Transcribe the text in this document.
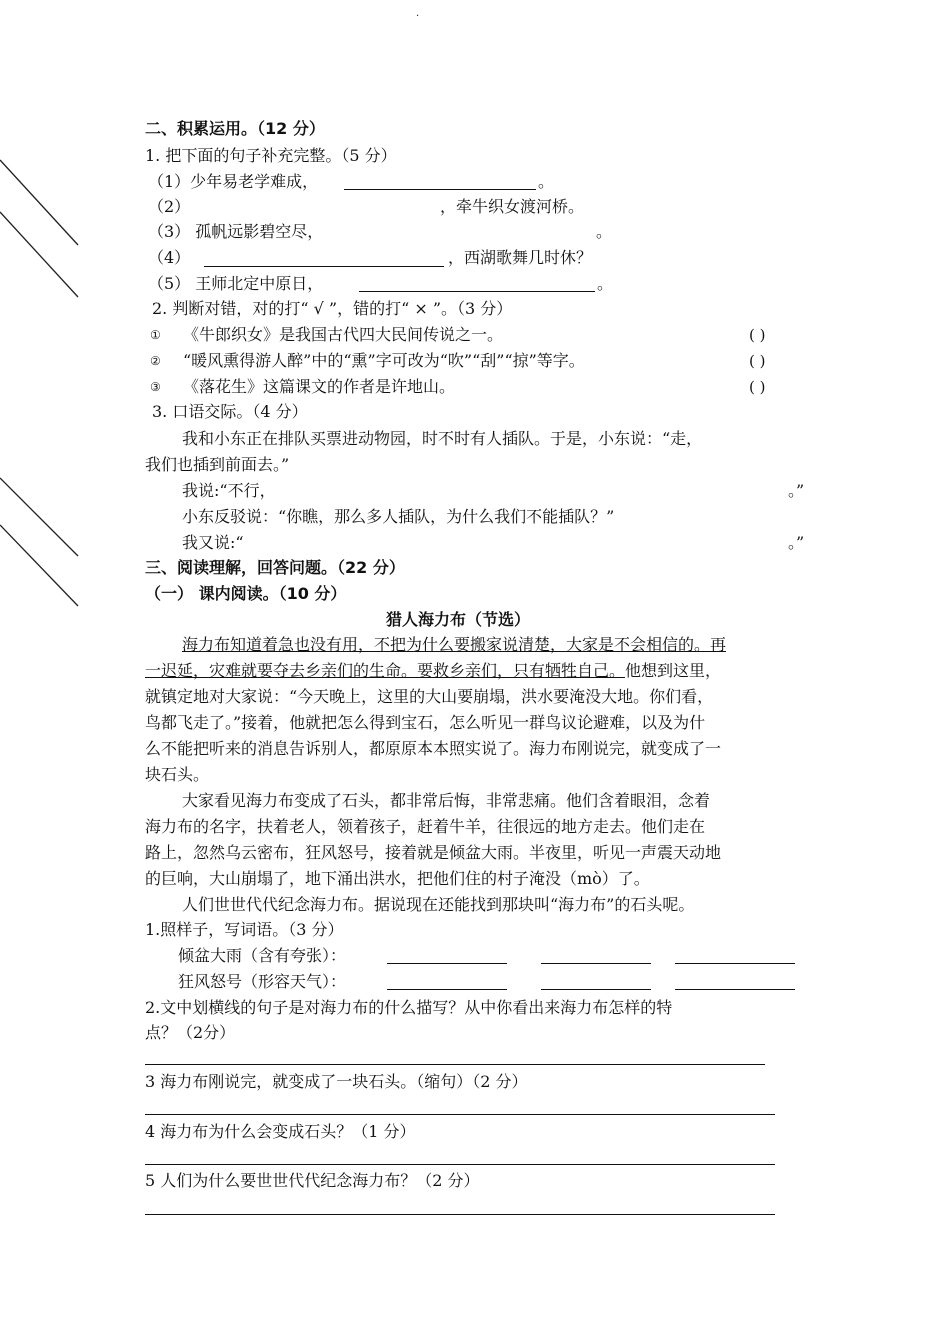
.
二、积累运用。（12 分）
1. 把下面的句子补充完整。（5 分）
（1）少年易老学难成，	。
（2）	，牵牛织女渡河桥。
（3） 孤帆远影碧空尽，	。
（4）	，西湖歌舞几时休？
（5） 王师北定中原日，	。
2. 判断对错，对的打“ √ ”，错的打“ × ”。（3 分）
① 《牛郎织女》是我国古代四大民间传说之一。	( )
② “暖风熏得游人醉”中的“熏”字可改为“吹”“刮”“掠”等字。	( )
③ 《落花生》这篇课文的作者是许地山。	( )
3. 口语交际。（4 分）
我和小东正在排队买票进动物园，时不时有人插队。于是，小东说：“走，
我们也插到前面去。”
我说:“不行，	。”
小东反驳说：“你瞧，那么多人插队，为什么我们不能插队？”
我又说:“	。”
三、阅读理解，回答问题。（22 分）
（一） 课内阅读。（10 分）
猎人海力布（节选）
海力布知道着急也没有用，不把为什么要搬家说清楚，大家是不会相信的。再
一迟延，灾难就要夺去乡亲们的生命。要救乡亲们，只有牺牲自己。他想到这里，
就镇定地对大家说：“今天晚上，这里的大山要崩塌，洪水要淹没大地。你们看，
鸟都飞走了。”接着，他就把怎么得到宝石，怎么听见一群鸟议论避难，以及为什
么不能把听来的消息告诉别人，都原原本本照实说了。海力布刚说完，就变成了一
块石头。
大家看见海力布变成了石头，都非常后悔，非常悲痛。他们含着眼泪，念着
海力布的名字，扶着老人，领着孩子，赶着牛羊，往很远的地方走去。他们走在
路上，忽然乌云密布，狂风怒号，接着就是倾盆大雨。半夜里，听见一声震天动地
的巨响，大山崩塌了，地下涌出洪水，把他们住的村子淹没（mò）了。
人们世世代代纪念海力布。据说现在还能找到那块叫“海力布”的石头呢。
1.照样子，写词语。（3 分）
倾盆大雨（含有夸张）：
狂风怒号（形容天气）：
2.文中划横线的句子是对海力布的什么描写？从中你看出来海力布怎样的特
点？（2分）
3 海力布刚说完，就变成了一块石头。（缩句）（2 分）
4 海力布为什么会变成石头？（1 分）
5 人们为什么要世世代代纪念海力布？（2 分）
